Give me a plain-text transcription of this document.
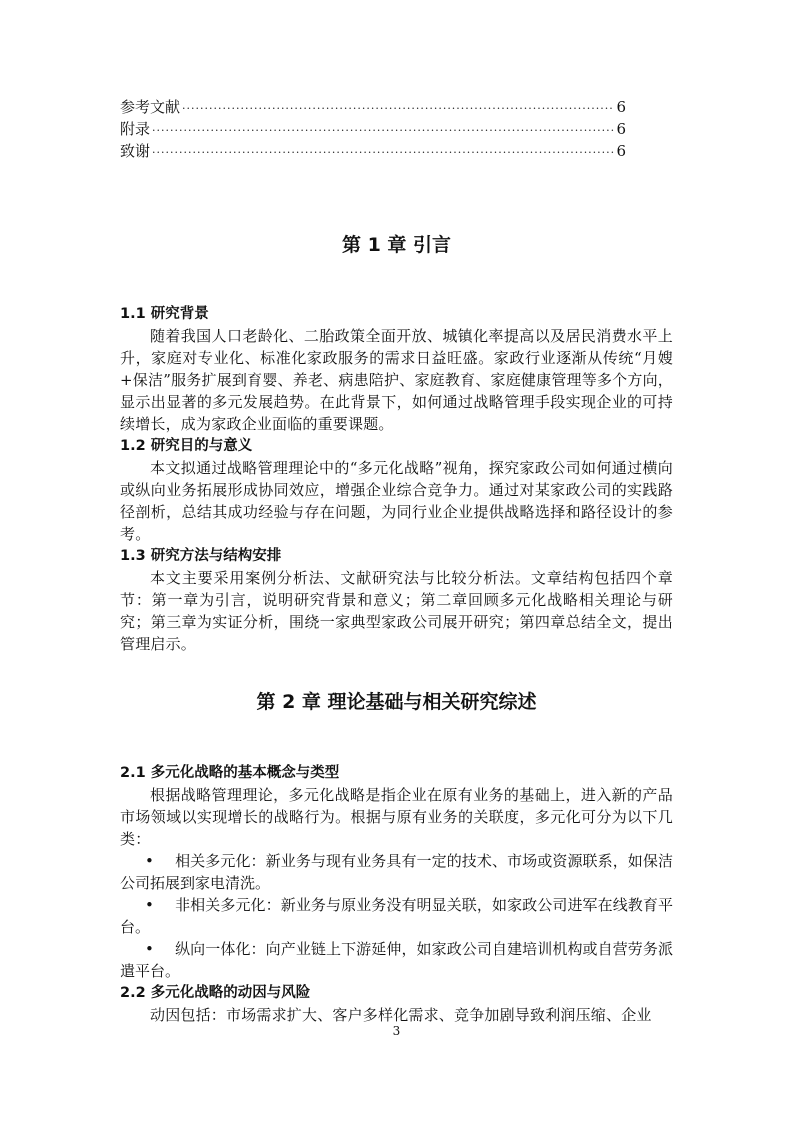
参考文献 ·····	6
附录 ·····	6
致谢 ·····	6
第 1 章 引言
1.1 研究背景

随着我国人口老龄化、二胎政策全面开放、城镇化率提高以及居民消费水平上升，家庭对专业化、标准化家政服务的需求日益旺盛。家政行业逐渐从传统“月嫂+保洁”服务扩展到育婴、养老、病患陪护、家庭教育、家庭健康管理等多个方向，显示出显著的多元发展趋势。在此背景下，如何通过战略管理手段实现企业的可持续增长，成为家政企业面临的重要课题。

1.2 研究目的与意义

本文拟通过战略管理理论中的“多元化战略”视角，探究家政公司如何通过横向或纵向业务拓展形成协同效应，增强企业综合竞争力。通过对某家政公司的实践路径剖析，总结其成功经验与存在问题，为同行业企业提供战略选择和路径设计的参考。

1.3 研究方法与结构安排

本文主要采用案例分析法、文献研究法与比较分析法。文章结构包括四个章节：第一章为引言，说明研究背景和意义；第二章回顾多元化战略相关理论与研究；第三章为实证分析，围绕一家典型家政公司展开研究；第四章总结全文，提出管理启示。

第 2 章 理论基础与相关研究综述
2.1 多元化战略的基本概念与类型

根据战略管理理论，多元化战略是指企业在原有业务的基础上，进入新的产品市场领域以实现增长的战略行为。根据与原有业务的关联度，多元化可分为以下几类：

• 相关多元化：新业务与现有业务具有一定的技术、市场或资源联系，如保洁公司拓展到家电清洗。

• 非相关多元化：新业务与原业务没有明显关联，如家政公司进军在线教育平台。

• 纵向一体化：向产业链上下游延伸，如家政公司自建培训机构或自营劳务派遣平台。

2.2 多元化战略的动因与风险

动因包括：市场需求扩大、客户多样化需求、竞争加剧导致利润压缩、企业

3
